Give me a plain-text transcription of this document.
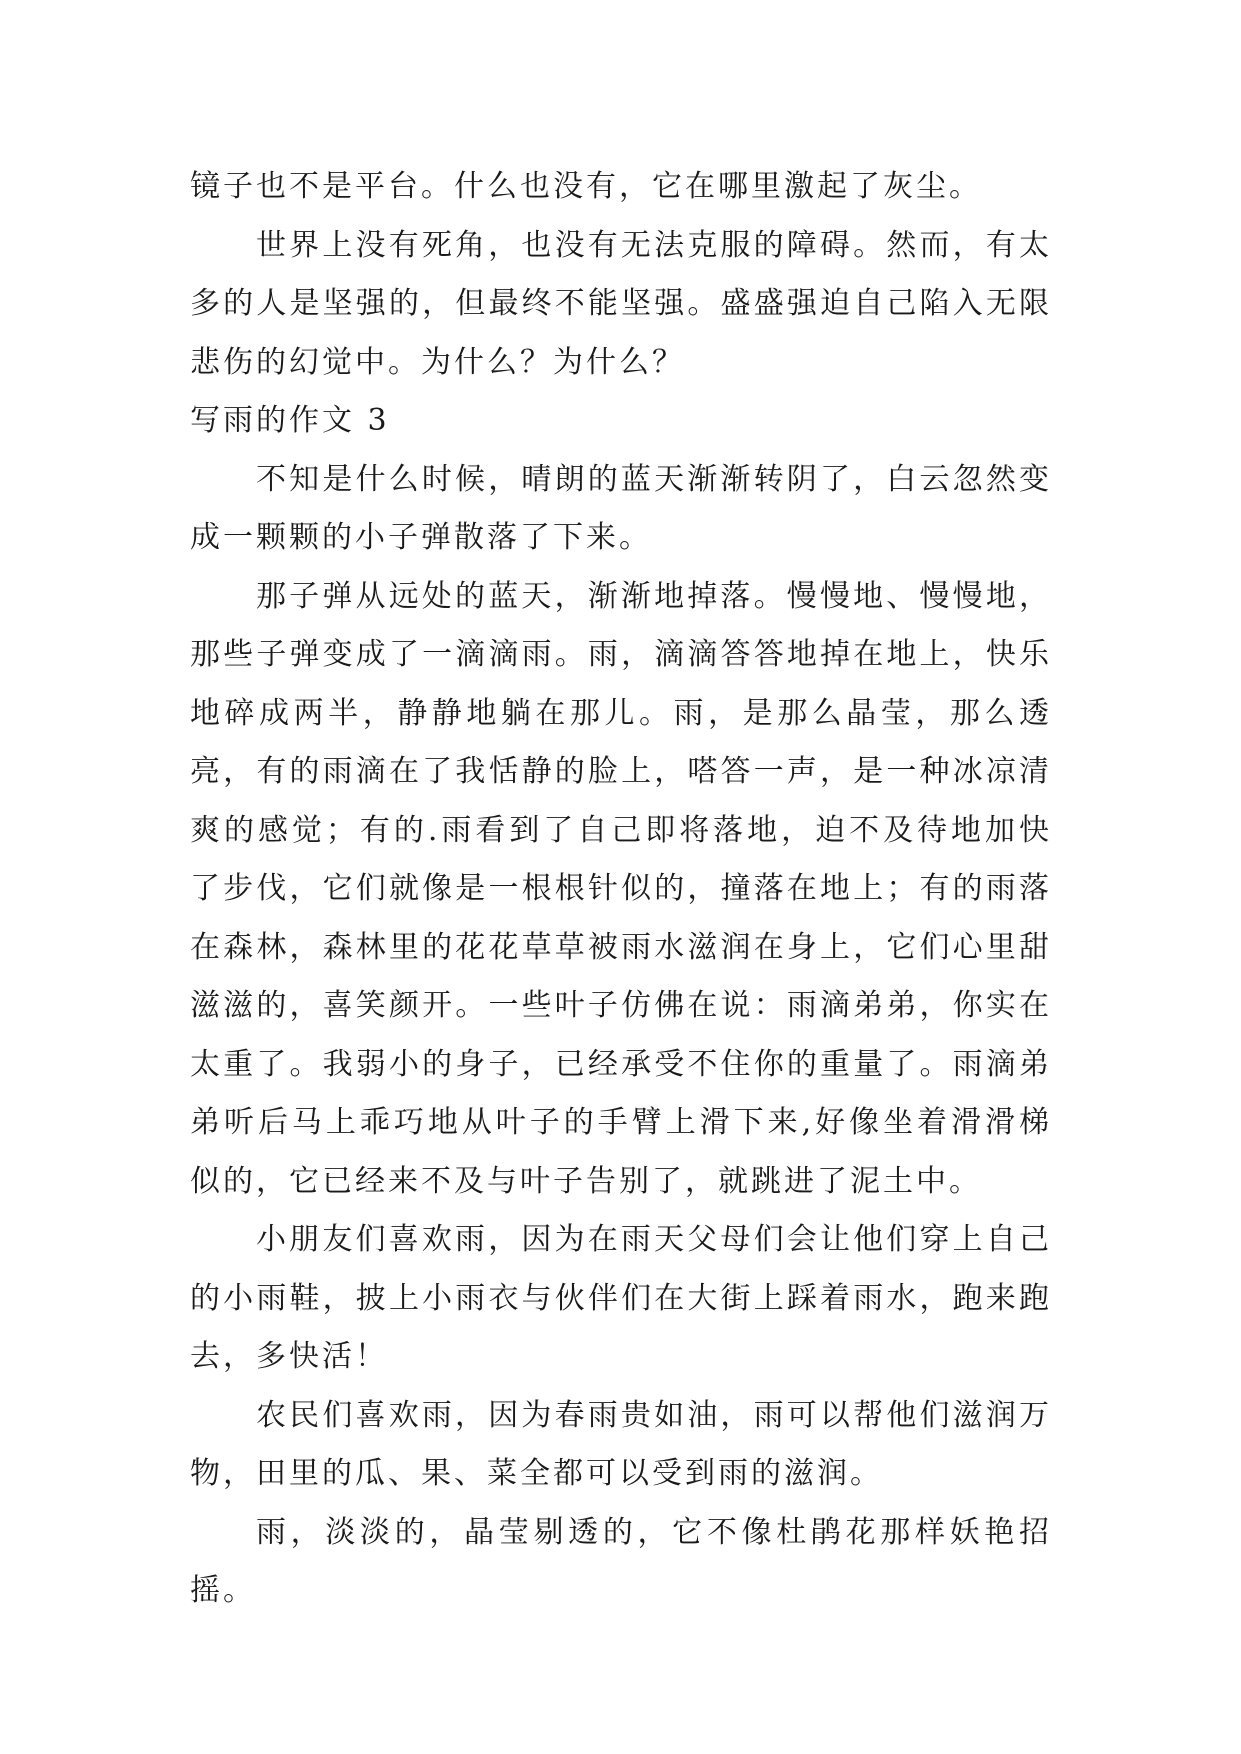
镜子也不是平台。什么也没有，它在哪里激起了灰尘。

世界上没有死角，也没有无法克服的障碍。然而，有太多的人是坚强的，但最终不能坚强。盛盛强迫自己陷入无限悲伤的幻觉中。为什么？为什么？

写雨的作文 3

不知是什么时候，晴朗的蓝天渐渐转阴了，白云忽然变成一颗颗的小子弹散落了下来。

那子弹从远处的蓝天，渐渐地掉落。慢慢地、慢慢地，那些子弹变成了一滴滴雨。雨，滴滴答答地掉在地上，快乐地碎成两半，静静地躺在那儿。雨，是那么晶莹，那么透亮，有的雨滴在了我恬静的脸上，嗒答一声，是一种冰凉清爽的感觉；有的.雨看到了自己即将落地，迫不及待地加快了步伐，它们就像是一根根针似的，撞落在地上；有的雨落在森林，森林里的花花草草被雨水滋润在身上，它们心里甜滋滋的，喜笑颜开。一些叶子仿佛在说：雨滴弟弟，你实在太重了。我弱小的身子，已经承受不住你的重量了。雨滴弟弟听后马上乖巧地从叶子的手臂上滑下来,好像坐着滑滑梯似的，它已经来不及与叶子告别了，就跳进了泥土中。

小朋友们喜欢雨，因为在雨天父母们会让他们穿上自己的小雨鞋，披上小雨衣与伙伴们在大街上踩着雨水，跑来跑去，多快活！

农民们喜欢雨，因为春雨贵如油，雨可以帮他们滋润万物，田里的瓜、果、菜全都可以受到雨的滋润。

雨，淡淡的，晶莹剔透的，它不像杜鹃花那样妖艳招摇。
